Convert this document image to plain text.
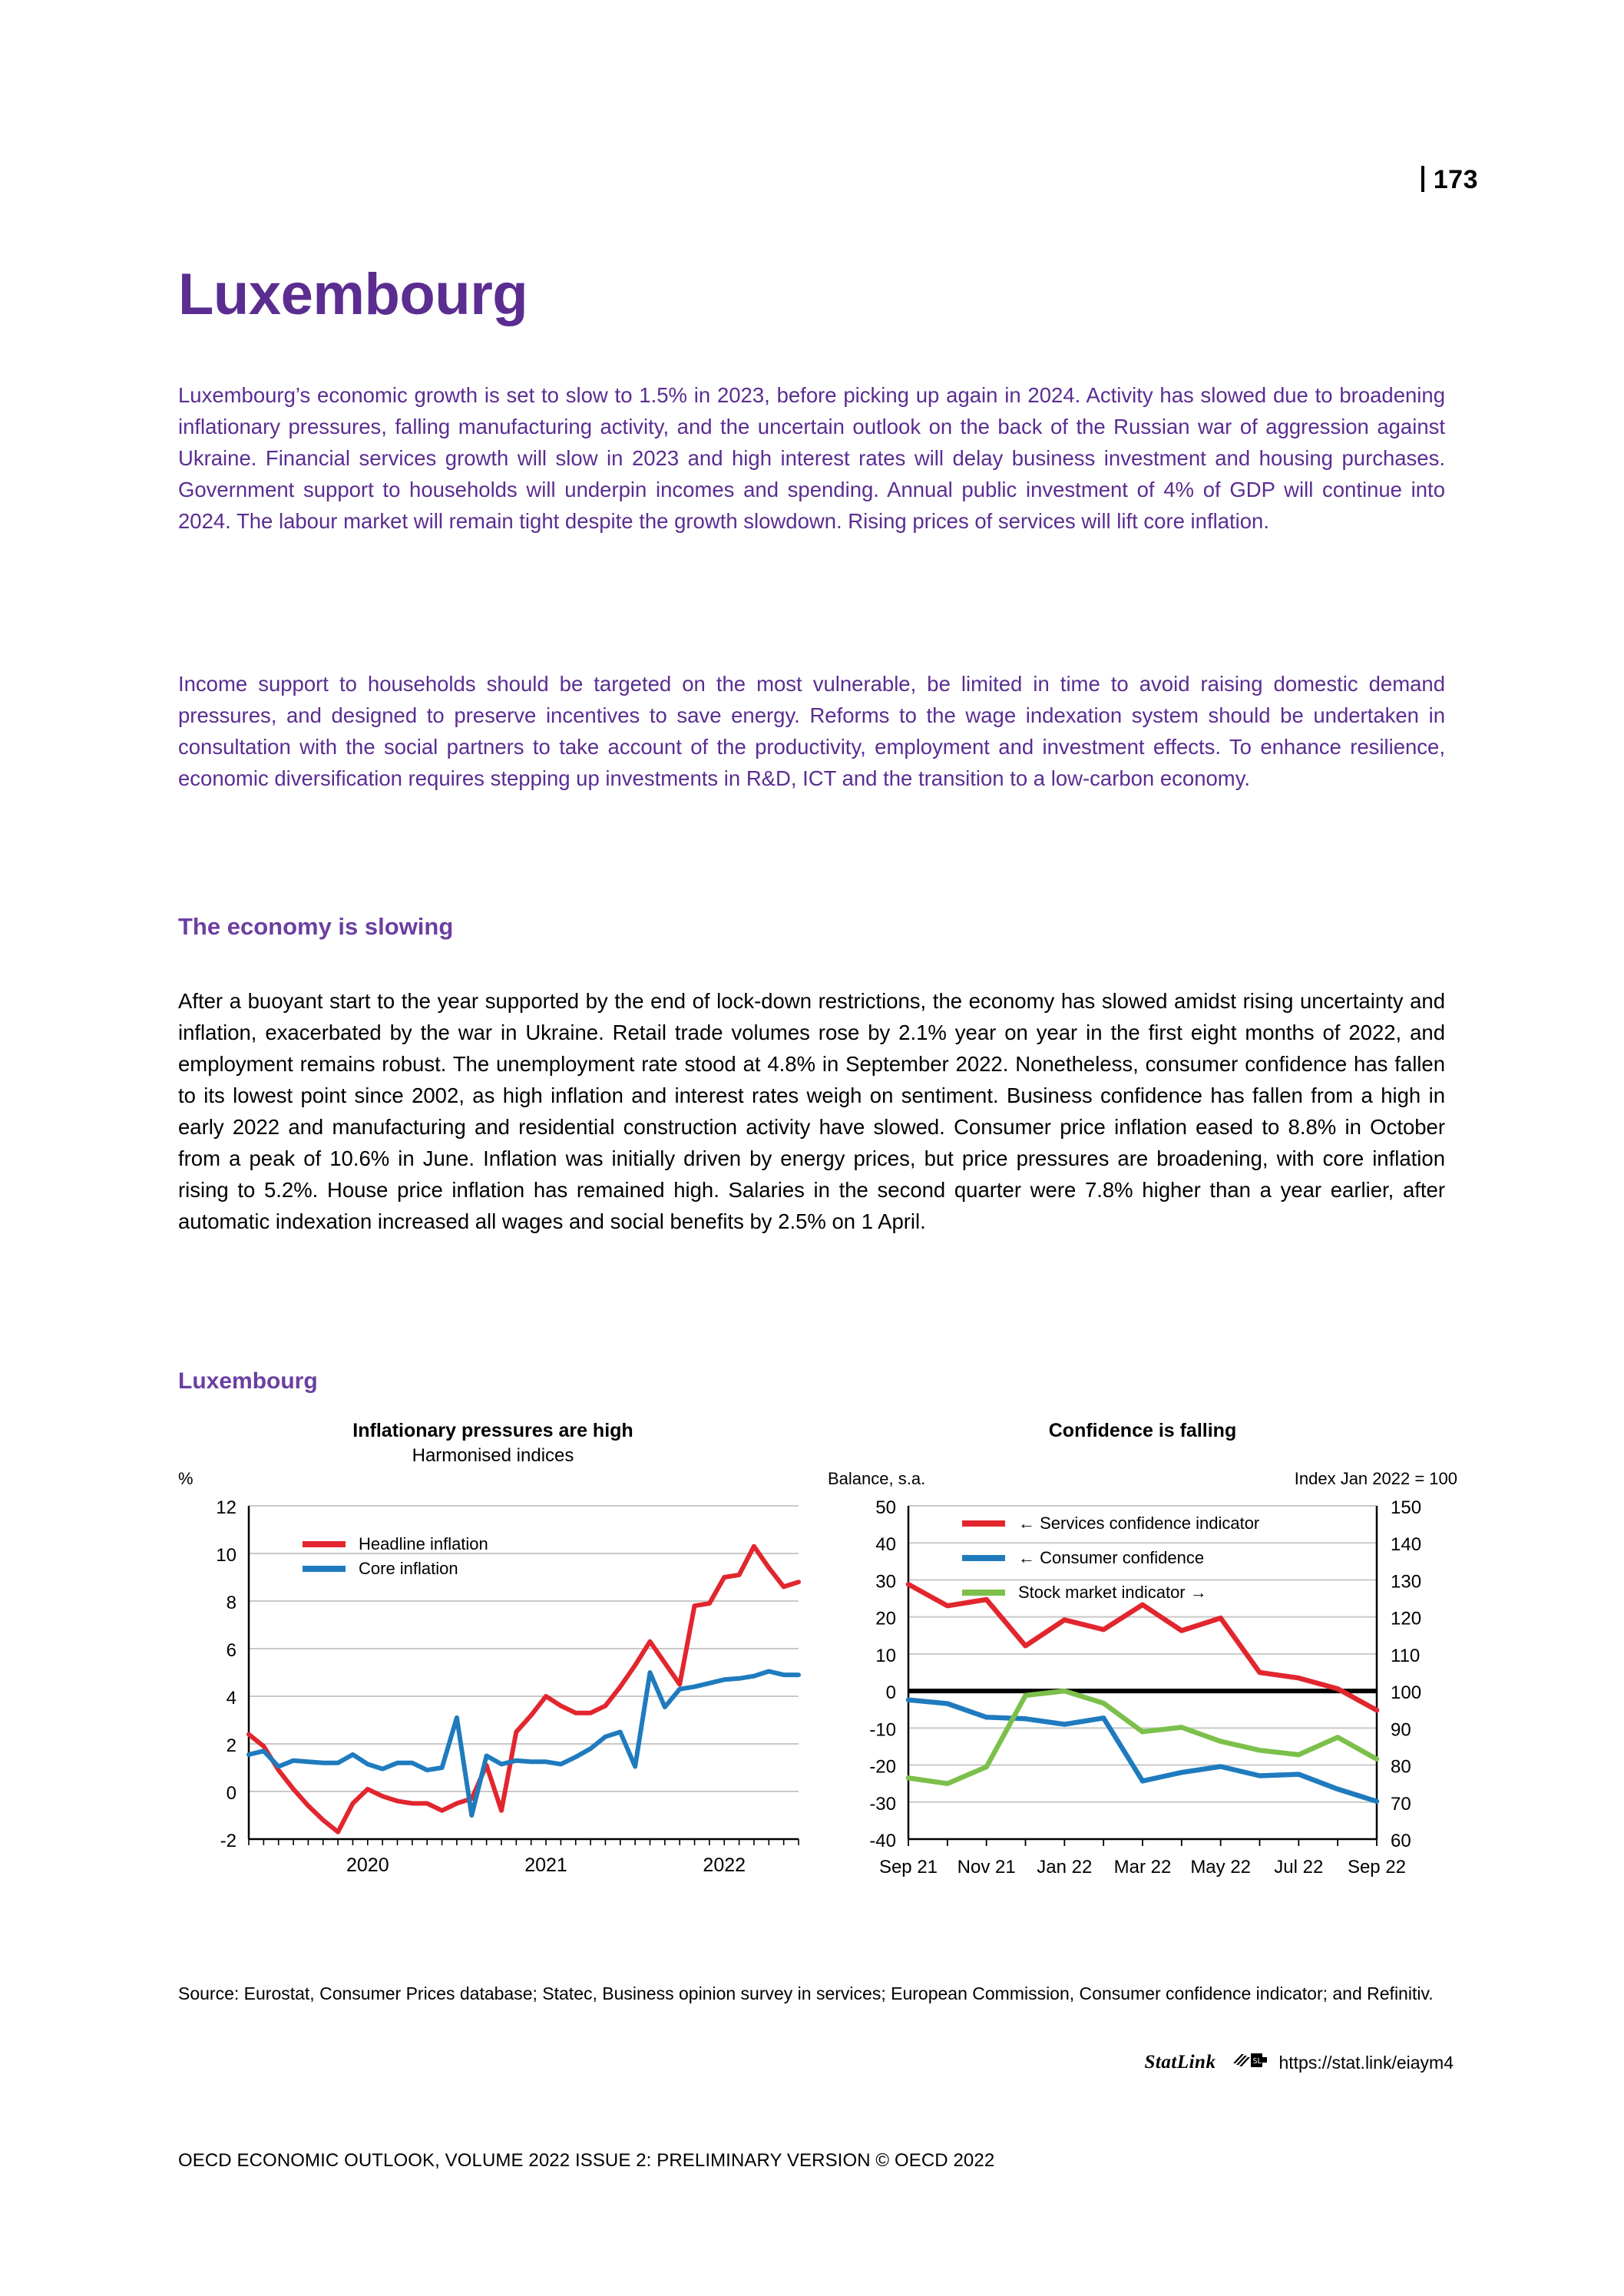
173
Luxembourg

Luxembourg’s economic growth is set to slow to 1.5% in 2023, before picking up again in 2024. Activity has slowed due to broadening inflationary pressures, falling manufacturing activity, and the uncertain outlook on the back of the Russian war of aggression against Ukraine. Financial services growth will slow in 2023 and high interest rates will delay business investment and housing purchases. Government support to households will underpin incomes and spending. Annual public investment of 4% of GDP will continue into 2024. The labour market will remain tight despite the growth slowdown. Rising prices of services will lift core inflation.

Income support to households should be targeted on the most vulnerable, be limited in time to avoid raising domestic demand pressures, and designed to preserve incentives to save energy. Reforms to the wage indexation system should be undertaken in consultation with the social partners to take account of the productivity, employment and investment effects. To enhance resilience, economic diversification requires stepping up investments in R&D, ICT and the transition to a low-carbon economy.

The economy is slowing

After a buoyant start to the year supported by the end of lock-down restrictions, the economy has slowed amidst rising uncertainty and inflation, exacerbated by the war in Ukraine. Retail trade volumes rose by 2.1% year on year in the first eight months of 2022, and employment remains robust. The unemployment rate stood at 4.8% in September 2022. Nonetheless, consumer confidence has fallen to its lowest point since 2002, as high inflation and interest rates weigh on sentiment. Business confidence has fallen from a high in early 2022 and manufacturing and residential construction activity have slowed. Consumer price inflation eased to 8.8% in October from a peak of 10.6% in June. Inflation was initially driven by energy prices, but price pressures are broadening, with core inflation rising to 5.2%. House price inflation has remained high. Salaries in the second quarter were 7.8% higher than a year earlier, after automatic indexation increased all wages and social benefits by 2.5% on 1 April.

Luxembourg
Inflationary pressures are high
Harmonised indices
%
-2
0
2
4
6
8
10
12
2020	2021	2022
Headline inflation
Core inflation
Confidence is falling

Balance, s.a.	Index Jan 2022 = 100
-40	60
-30	70
-20	80
-10	90
0	100
10	110
20	120
30	130
40	140
50	150
Sep 21 Nov 21 Jan 22 Mar 22 May 22 Jul 22 Sep 22
← Services confidence indicator
← Consumer confidence
Stock market indicator →

Source: Eurostat, Consumer Prices database; Statec, Business opinion survey in services; European Commission, Consumer confidence indicator; and Refinitiv.

StatLink	SL https://stat.link/eiaym4
OECD ECONOMIC OUTLOOK, VOLUME 2022 ISSUE 2: PRELIMINARY VERSION © OECD 2022
